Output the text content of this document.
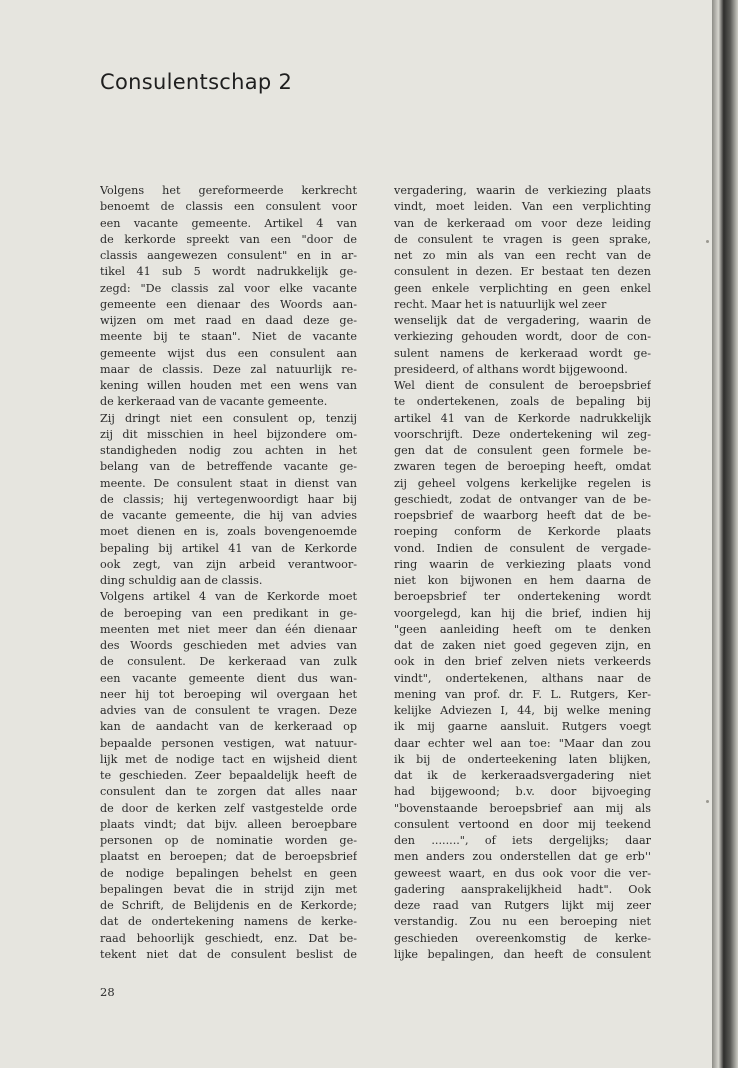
Consulentschap 2
Volgens het gereformeerde kerkrecht
benoemt de classis een consulent voor
een vacante gemeente. Artikel 4 van
de kerkorde spreekt van een "door de
classis aangewezen consulent" en in ar-
tikel 41 sub 5 wordt nadrukkelijk ge-
zegd: "De classis zal voor elke vacante
gemeente een dienaar des Woords aan-
wijzen om met raad en daad deze ge-
meente bij te staan". Niet de vacante
gemeente wijst dus een consulent aan
maar de classis. Deze zal natuurlijk re-
kening willen houden met een wens van
de kerkeraad van de vacante gemeente.
Zij dringt niet een consulent op, tenzij
zij dit misschien in heel bijzondere om-
standigheden nodig zou achten in het
belang van de betreffende vacante ge-
meente. De consulent staat in dienst van
de classis; hij vertegenwoordigt haar bij
de vacante gemeente, die hij van advies
moet dienen en is, zoals bovengenoemde
bepaling bij artikel 41 van de Kerkorde
ook zegt, van zijn arbeid verantwoor-
ding schuldig aan de classis.
Volgens artikel 4 van de Kerkorde moet
de beroeping van een predikant in ge-
meenten met niet meer dan één dienaar
des Woords geschieden met advies van
de consulent. De kerkeraad van zulk
een vacante gemeente dient dus wan-
neer hij tot beroeping wil overgaan het
advies van de consulent te vragen. Deze
kan de aandacht van de kerkeraad op
bepaalde personen vestigen, wat natuur-
lijk met de nodige tact en wijsheid dient
te geschieden. Zeer bepaaldelijk heeft de
consulent dan te zorgen dat alles naar
de door de kerken zelf vastgestelde orde
plaats vindt; dat bijv. alleen beroepbare
personen op de nominatie worden ge-
plaatst en beroepen; dat de beroepsbrief
de nodige bepalingen behelst en geen
bepalingen bevat die in strijd zijn met
de Schrift, de Belijdenis en de Kerkorde;
dat de ondertekening namens de kerke-
raad behoorlijk geschiedt, enz. Dat be-
tekent niet dat de consulent beslist de
vergadering, waarin de verkiezing plaats
vindt, moet leiden. Van een verplichting
van de kerkeraad om voor deze leiding
de consulent te vragen is geen sprake,
net zo min als van een recht van de
consulent in dezen. Er bestaat ten dezen
geen enkele verplichting en geen enkel
recht. Maar het is natuurlijk wel zeer
wenselijk dat de vergadering, waarin de
verkiezing gehouden wordt, door de con-
sulent namens de kerkeraad wordt ge-
presideerd, of althans wordt bijgewoond.
Wel dient de consulent de beroepsbrief
te ondertekenen, zoals de bepaling bij
artikel 41 van de Kerkorde nadrukkelijk
voorschrijft. Deze ondertekening wil zeg-
gen dat de consulent geen formele be-
zwaren tegen de beroeping heeft, omdat
zij geheel volgens kerkelijke regelen is
geschiedt, zodat de ontvanger van de be-
roepsbrief de waarborg heeft dat de be-
roeping conform de Kerkorde plaats
vond. Indien de consulent de vergade-
ring waarin de verkiezing plaats vond
niet kon bijwonen en hem daarna de
beroepsbrief ter ondertekening wordt
voorgelegd, kan hij die brief, indien hij
"geen aanleiding heeft om te denken
dat de zaken niet goed gegeven zijn, en
ook in den brief zelven niets verkeerds
vindt", ondertekenen, althans naar de
mening van prof. dr. F. L. Rutgers, Ker-
kelijke Adviezen I, 44, bij welke mening
ik mij gaarne aansluit. Rutgers voegt
daar echter wel aan toe: "Maar dan zou
ik bij de onderteekening laten blijken,
dat ik de kerkeraadsvergadering niet
had bijgewoond; b.v. door bijvoeging
"bovenstaande beroepsbrief aan mij als
consulent vertoond en door mij teekend
den ........", of iets dergelijks; daar
men anders zou onderstellen dat ge erb''
geweest waart, en dus ook voor die ver-
gadering aansprakelijkheid hadt". Ook
deze raad van Rutgers lijkt mij zeer
verstandig. Zou nu een beroeping niet
geschieden overeenkomstig de kerke-
lijke bepalingen, dan heeft de consulent
28
